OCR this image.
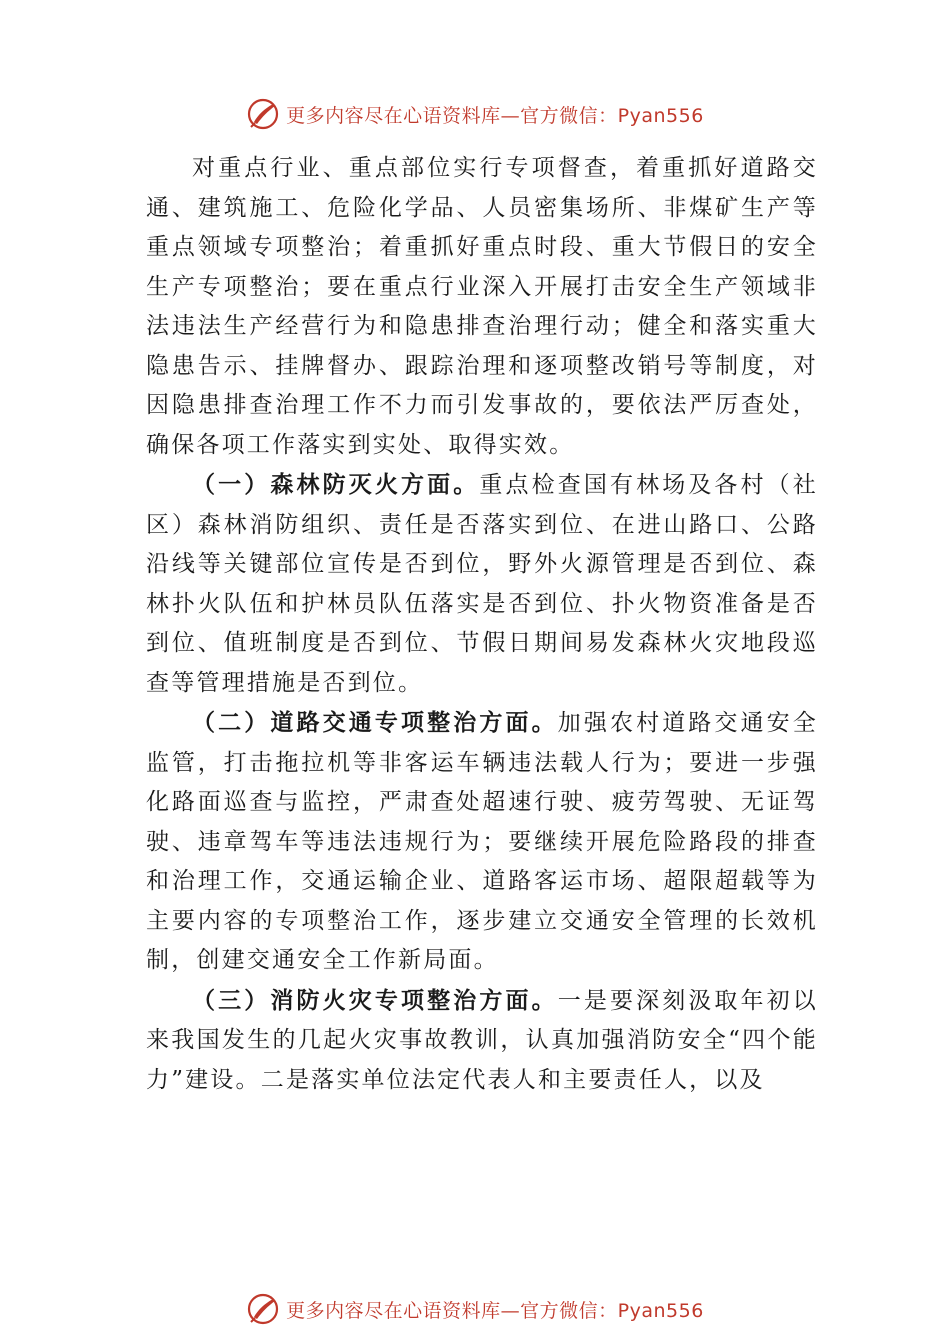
更多内容尽在心语资料库—官方微信：Pyan556

对重点行业、重点部位实行专项督查，着重抓好道路交通、建筑施工、危险化学品、人员密集场所、非煤矿生产等重点领域专项整治；着重抓好重点时段、重大节假日的安全生产专项整治；要在重点行业深入开展打击安全生产领域非法违法生产经营行为和隐患排查治理行动；健全和落实重大隐患告示、挂牌督办、跟踪治理和逐项整改销号等制度，对因隐患排查治理工作不力而引发事故的，要依法严厉查处， 确保各项工作落实到实处、取得实效。

（一）森林防灭火方面。重点检查国有林场及各村（社区）森林消防组织、责任是否落实到位、在进山路口、公路沿线等关键部位宣传是否到位，野外火源管理是否到位、森林扑火队伍和护林员队伍落实是否到位、扑火物资准备是否到位、值班制度是否到位、节假日期间易发森林火灾地段巡查等管理措施是否到位。

（二）道路交通专项整治方面。加强农村道路交通安全监管，打击拖拉机等非客运车辆违法载人行为；要进一步强化路面巡查与监控，严肃查处超速行驶、疲劳驾驶、无证驾驶、违章驾车等违法违规行为；要继续开展危险路段的排查和治理工作，交通运输企业、道路客运市场、超限超载等为主要内容的专项整治工作，逐步建立交通安全管理的长效机制，创建交通安全工作新局面。

（三）消防火灾专项整治方面。一是要深刻汲取年初以来我国发生的几起火灾事故教训，认真加强消防安全“四个能力”建设。二是落实单位法定代表人和主要责任人，以及

更多内容尽在心语资料库—官方微信：Pyan556
